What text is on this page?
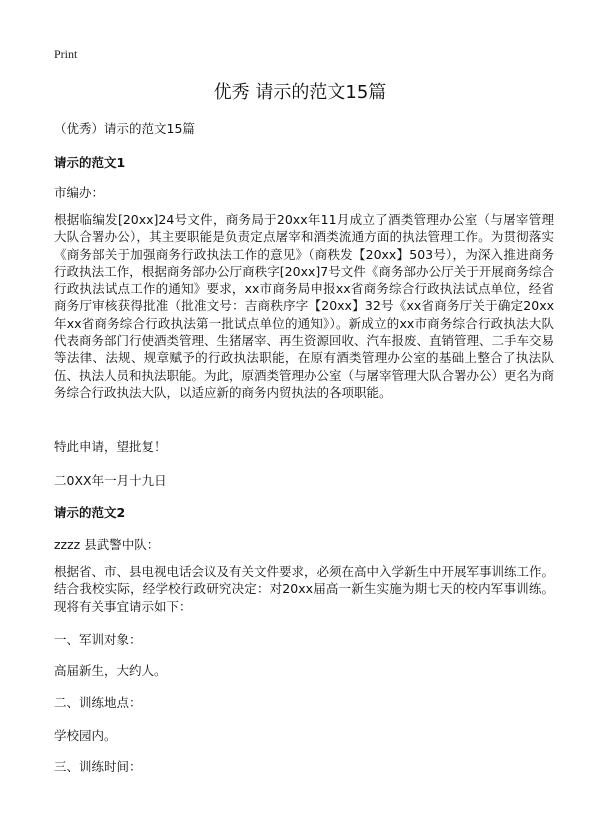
Print
优秀 请示的范文15篇
（优秀）请示的范文15篇
请示的范文1
市编办：
根据临编发[20xx]24号文件，商务局于20xx年11月成立了酒类管理办公室（与屠宰管理大队合署办公），其主要职能是负责定点屠宰和酒类流通方面的执法管理工作。为贯彻落实《商务部关于加强商务行政执法工作的意见》（商秩发【20xx】503号），为深入推进商务行政执法工作，根据商务部办公厅商秩字[20xx]7号文件《商务部办公厅关于开展商务综合行政执法试点工作的通知》要求，xx市商务局申报xx省商务综合行政执法试点单位，经省商务厅审核获得批准（批准文号：吉商秩序字【20xx】32号《xx省商务厅关于确定20xx年xx省商务综合行政执法第一批试点单位的通知》）。新成立的xx市商务综合行政执法大队代表商务部门行使酒类管理、生猪屠宰、再生资源回收、汽车报废、直销管理、二手车交易等法律、法规、规章赋予的行政执法职能，在原有酒类管理办公室的基础上整合了执法队伍、执法人员和执法职能。为此，原酒类管理办公室（与屠宰管理大队合署办公）更名为商务综合行政执法大队，以适应新的商务内贸执法的各项职能。
特此申请，望批复！
二0XX年一月十九日
请示的范文2
zzzz 县武警中队：
根据省、市、县电视电话会议及有关文件要求，必须在高中入学新生中开展军事训练工作。结合我校实际，经学校行政研究决定：对20xx届高一新生实施为期七天的校内军事训练。现将有关事宜请示如下：
一、军训对象：
高届新生，大约人。
二、训练地点：
学校园内。
三、训练时间：
